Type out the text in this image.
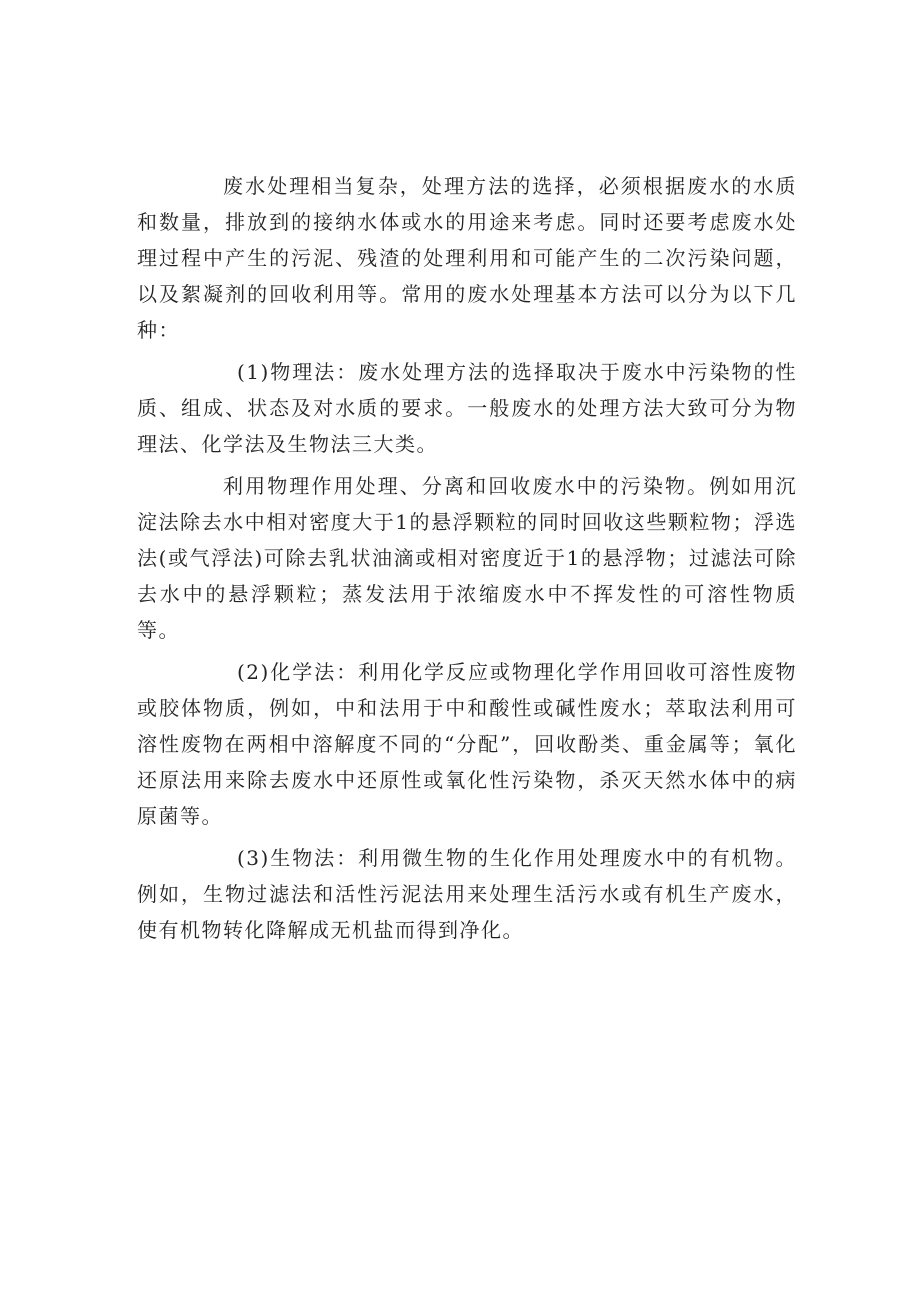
废水处理相当复杂，处理方法的选择，必须根据废水的水质和数量，排放到的接纳水体或水的用途来考虑。同时还要考虑废水处理过程中产生的污泥、残渣的处理利用和可能产生的二次污染问题，以及絮凝剂的回收利用等。常用的废水处理基本方法可以分为以下几种：

(1)物理法：废水处理方法的选择取决于废水中污染物的性质、组成、状态及对水质的要求。一般废水的处理方法大致可分为物理法、化学法及生物法三大类。

利用物理作用处理、分离和回收废水中的污染物。例如用沉淀法除去水中相对密度大于1的悬浮颗粒的同时回收这些颗粒物；浮选法(或气浮法)可除去乳状油滴或相对密度近于1的悬浮物；过滤法可除去水中的悬浮颗粒；蒸发法用于浓缩废水中不挥发性的可溶性物质等。

(2)化学法：利用化学反应或物理化学作用回收可溶性废物或胶体物质，例如，中和法用于中和酸性或碱性废水；萃取法利用可溶性废物在两相中溶解度不同的“分配”，回收酚类、重金属等；氧化还原法用来除去废水中还原性或氧化性污染物，杀灭天然水体中的病原菌等。

(3)生物法：利用微生物的生化作用处理废水中的有机物。例如，生物过滤法和活性污泥法用来处理生活污水或有机生产废水，使有机物转化降解成无机盐而得到净化。
